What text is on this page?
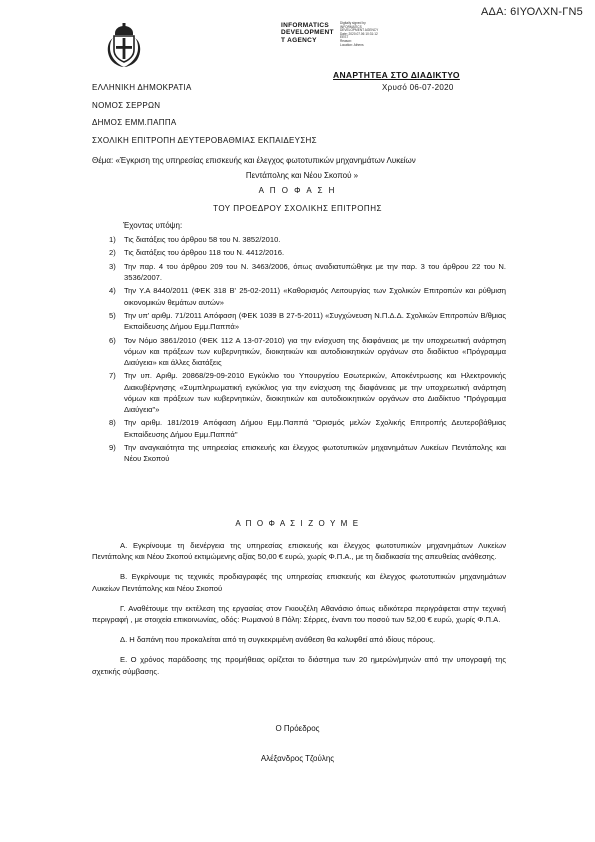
ΑΔΑ: 6ΙΥΟΛΧΝ-ΓΝ5
INFORMATICS
DEVELOPMENT
T AGENCY
Digitally signed by
INFORMATICS
DEVELOPMENT AGENCY
Date: 2020.07.06 10:31:12
EEST
Reason:
Location: Athens
ΑΝΑΡΤΗΤΕΑ ΣΤΟ ΔΙΑΔΙΚΤΥΟ
ΕΛΛΗΝΙΚΗ ΔΗΜΟΚΡΑΤΙΑ	Χρυσό 06-07-2020
ΝΟΜΟΣ ΣΕΡΡΩΝ
ΔΗΜΟΣ ΕΜΜ.ΠΑΠΠΑ
ΣΧΟΛΙΚΗ ΕΠΙΤΡΟΠΗ ΔΕΥΤΕΡΟΒΑΘΜΙΑΣ ΕΚΠΑΙΔΕΥΣΗΣ
Θέμα: «Έγκριση της υπηρεσίας επισκευής και έλεγχος φωτοτυπικών μηχανημάτων Λυκείων
Πεντάπολης και Νέου Σκοπού »
Α Π Ο Φ Α Σ Η
ΤΟΥ ΠΡΟΕΔΡΟΥ ΣΧΟΛΙΚΗΣ ΕΠΙΤΡΟΠΗΣ
Έχοντας υπόψη:
1) Τις διατάξεις του άρθρου 58 του Ν. 3852/2010.
2) Τις διατάξεις του άρθρου 118 του Ν. 4412/2016.
3) Την παρ. 4 του άρθρου 209 του Ν. 3463/2006, όπως αναδιατυπώθηκε με την παρ. 3 του άρθρου 22 του Ν. 3536/2007.
4) Την Υ.Α 8440/2011 (ΦΕΚ 318 Β' 25-02-2011) «Καθορισμός Λειτουργίας των Σχολικών Επιτροπών και ρύθμιση οικονομικών θεμάτων αυτών»
5) Την υπ' αριθμ. 71/2011 Απόφαση (ΦΕΚ 1039 Β 27-5-2011) «Συγχώνευση Ν.Π.Δ.Δ. Σχολικών Επιτροπών Β/θμιας Εκπαίδευσης Δήμου Εμμ.Παππά»
6) Τον Νόμο 3861/2010 (ΦΕΚ 112 Α 13-07-2010) για την ενίσχυση της διαφάνειας με την υποχρεωτική ανάρτηση νόμων και πράξεων των κυβερνητικών, διοικητικών και αυτοδιοικητικών οργάνων στο διαδίκτυο «Πρόγραμμα Διαύγεια» και άλλες διατάξεις
7) Την υπ. Αριθμ. 20868/29-09-2010 Εγκύκλιο του Υπουργείου Εσωτερικών, Αποκέντρωσης και Ηλεκτρονικής Διακυβέρνησης «Συμπληρωματική εγκύκλιος για την ενίσχυση της διαφάνειας με την υποχρεωτική ανάρτηση νόμων και πράξεων των κυβερνητικών, διοικητικών και αυτοδιοικητικών οργάνων στο Διαδίκτυο "Πρόγραμμα Διαύγεια"»
8) Την αριθμ. 181/2019 Απόφαση Δήμου Εμμ.Παππά "Ορισμός μελών Σχολικής Επιτροπής Δευτεροβάθμιας Εκπαίδευσης Δήμου Εμμ.Παππά"
9) Την αναγκαιότητα της υπηρεσίας επισκευής και έλεγχος φωτοτυπικών μηχανημάτων Λυκείων Πεντάπολης και Νέου Σκοπού
Α Π Ο Φ Α Σ Ι Ζ Ο Υ Μ Ε

Α. Εγκρίνουμε τη διενέργεια της υπηρεσίας επισκευής και έλεγχος φωτοτυπικών μηχανημάτων Λυκείων Πεντάπολης και Νέου Σκοπού εκτιμώμενης αξίας 50,00 € ευρώ, χωρίς Φ.Π.Α., με τη διαδικασία της απευθείας ανάθεσης.

Β. Εγκρίνουμε τις τεχνικές προδιαγραφές της υπηρεσίας επισκευής και έλεγχος φωτοτυπικών μηχανημάτων Λυκείων Πεντάπολης και Νέου Σκοπού

Γ. Αναθέτουμε την εκτέλεση της εργασίας στον Γκιουζέλη Αθανάσιο όπως ειδικότερα περιγράφεται στην τεχνική περιγραφή , με στοιχεία επικοινωνίας, οδός: Ρωμανού 8 Πόλη: Σέρρες, έναντι του ποσού των 52,00 € ευρώ, χωρίς Φ.Π.Α.

Δ. Η δαπάνη που προκαλείται από τη συγκεκριμένη ανάθεση θα καλυφθεί από ιδίους πόρους.

Ε. Ο χρόνος παράδοσης της προμήθειας ορίζεται το διάστημα των 20 ημερών/μηνών από την υπογραφή της σχετικής σύμβασης.

Ο Πρόεδρος
Αλέξανδρος Τζούλης
